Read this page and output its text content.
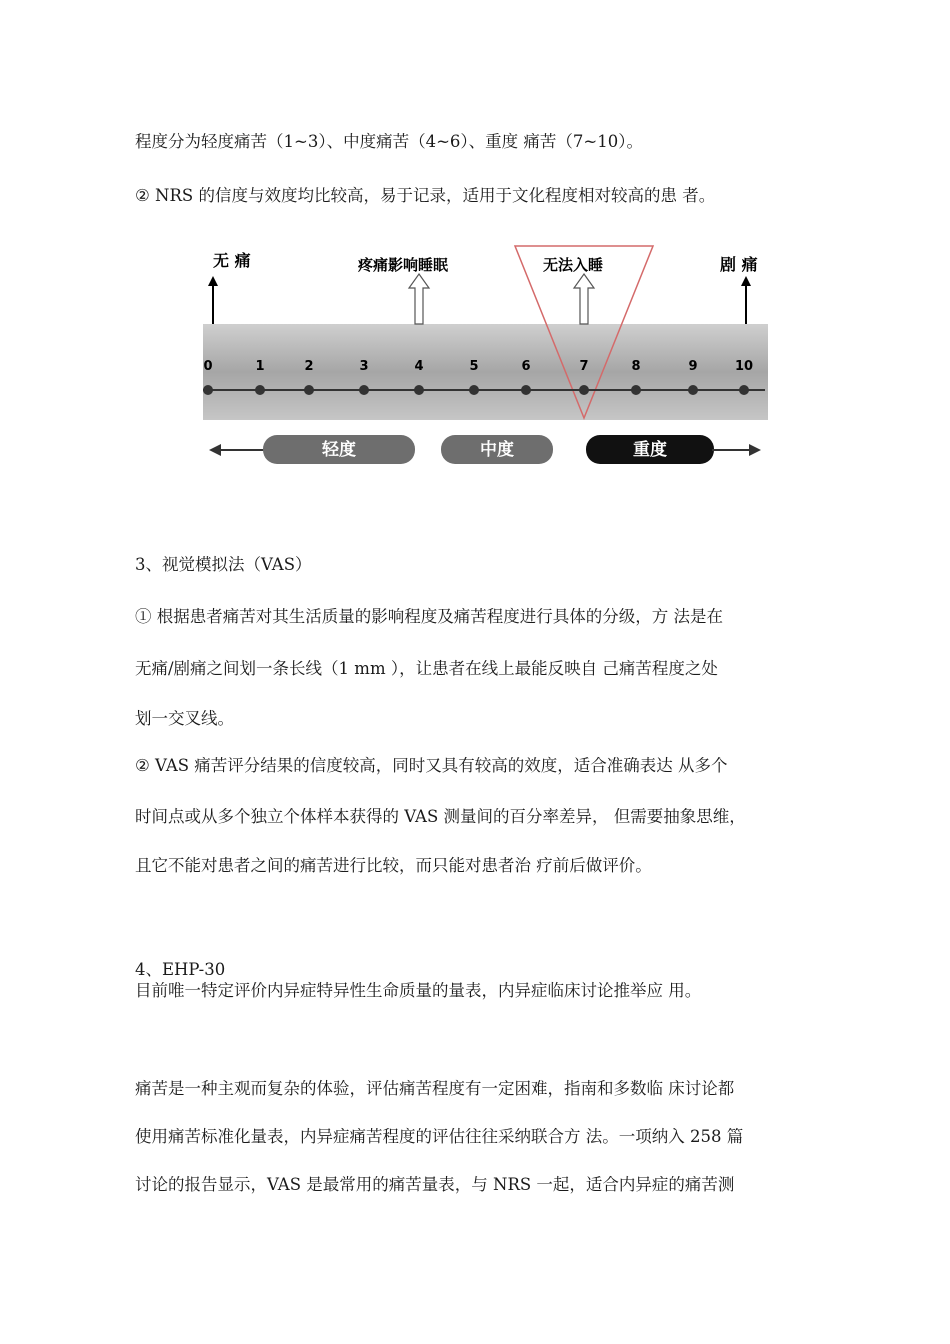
程度分为轻度痛苦（1~3）、中度痛苦（4~6）、重度 痛苦（7~10）。
② NRS 的信度与效度均比较高，易于记录，适用于文化程度相对较高的患 者。
无 痛	疼痛影响睡眠	无法入睡	剧 痛
0	1	2	3	4	5	6	7	8	9	10
轻度	中度	重度
3、视觉模拟法（VAS）
① 根据患者痛苦对其生活质量的影响程度及痛苦程度进行具体的分级，方 法是在
无痛/剧痛之间划一条长线（1 mm ），让患者在线上最能反映自 己痛苦程度之处
划一交叉线。
② VAS 痛苦评分结果的信度较高，同时又具有较高的效度，适合准确表达 从多个
时间点或从多个独立个体样本获得的 VAS 测量间的百分率差异， 但需要抽象思维，
且它不能对患者之间的痛苦进行比较，而只能对患者治 疗前后做评价。
4、EHP-30
目前唯一特定评价内异症特异性生命质量的量表，内异症临床讨论推举应 用。
痛苦是一种主观而复杂的体验，评估痛苦程度有一定困难，指南和多数临 床讨论都
使用痛苦标准化量表，内异症痛苦程度的评估往往采纳联合方 法。一项纳入 258 篇
讨论的报告显示，VAS 是最常用的痛苦量表，与 NRS 一起，适合内异症的痛苦测
